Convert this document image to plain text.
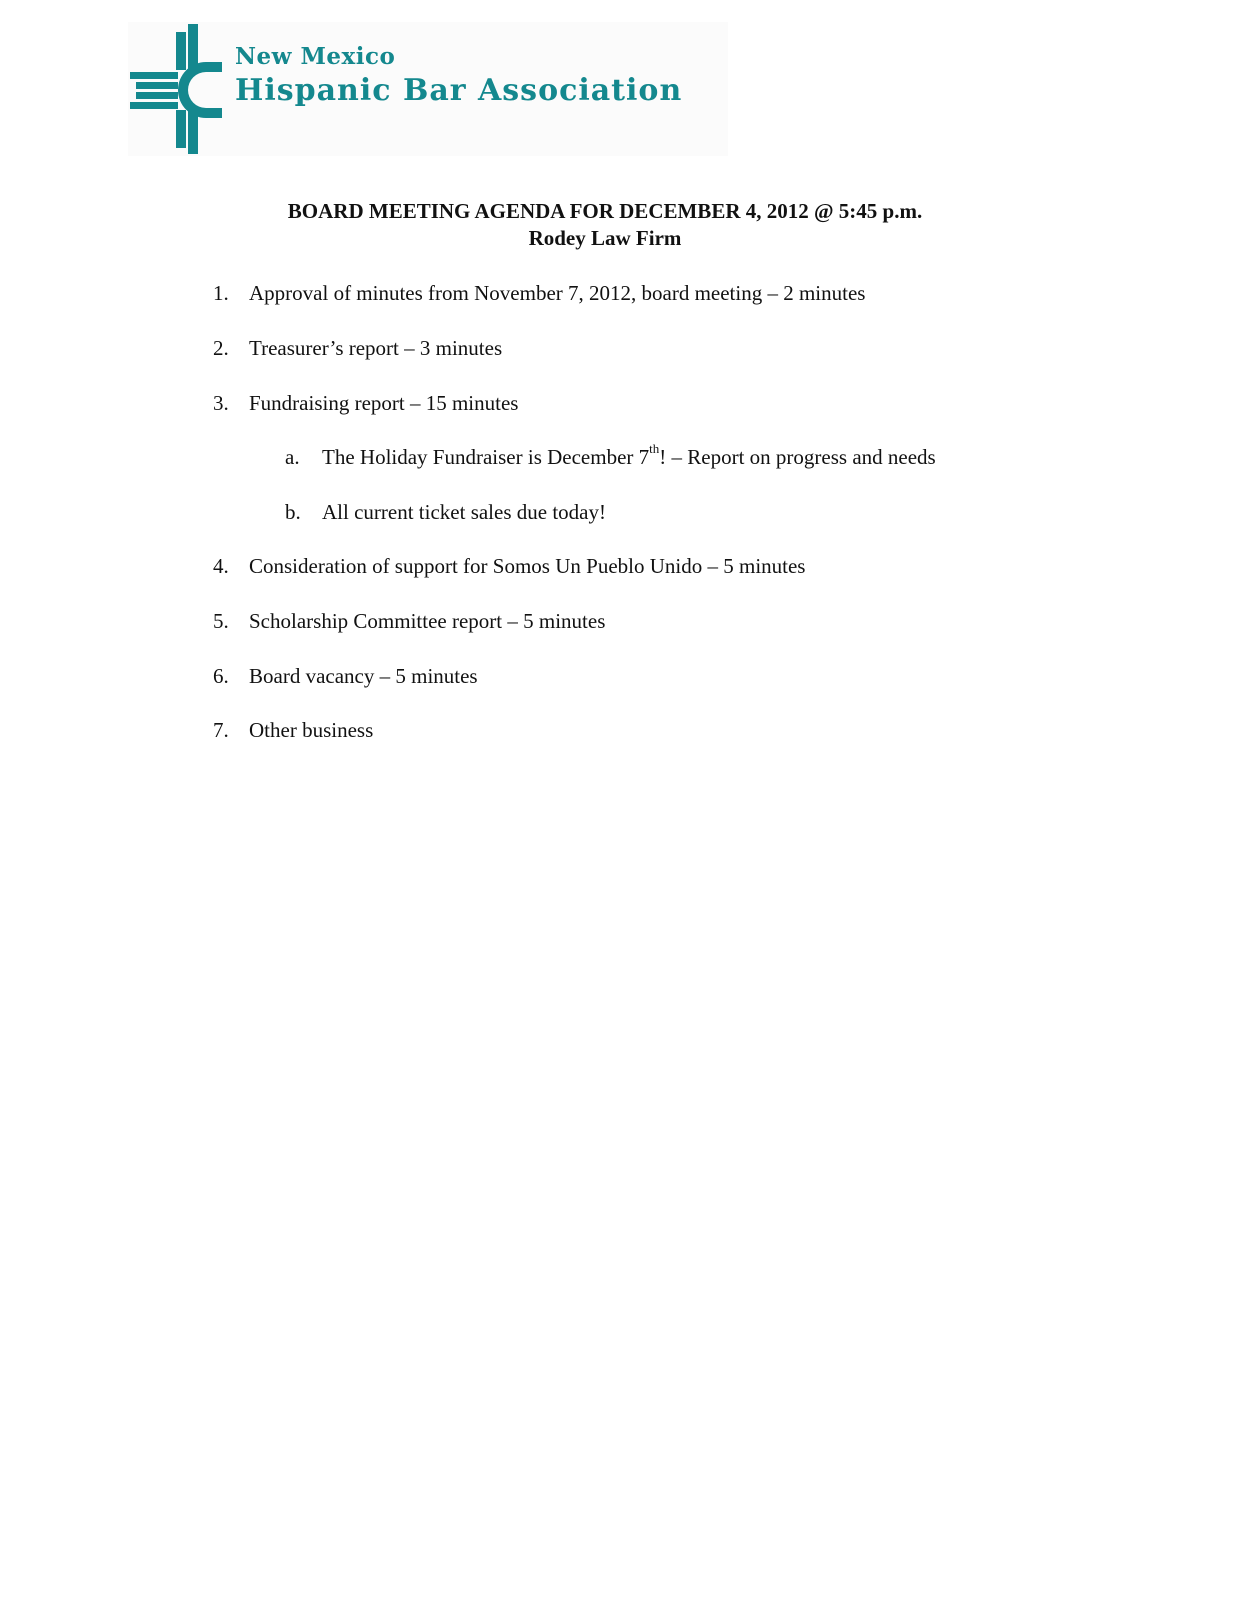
New Mexico
Hispanic Bar Association
BOARD MEETING AGENDA FOR DECEMBER 4, 2012 @ 5:45 p.m.
Rodey Law Firm
1. Approval of minutes from November 7, 2012, board meeting – 2 minutes
2. Treasurer’s report – 3 minutes
3. Fundraising report – 15 minutes
a.	The Holiday Fundraiser is December 7th! – Report on progress and needs
b.	All current ticket sales due today!
4. Consideration of support for Somos Un Pueblo Unido – 5 minutes
5. Scholarship Committee report – 5 minutes
6. Board vacancy – 5 minutes
7. Other business
